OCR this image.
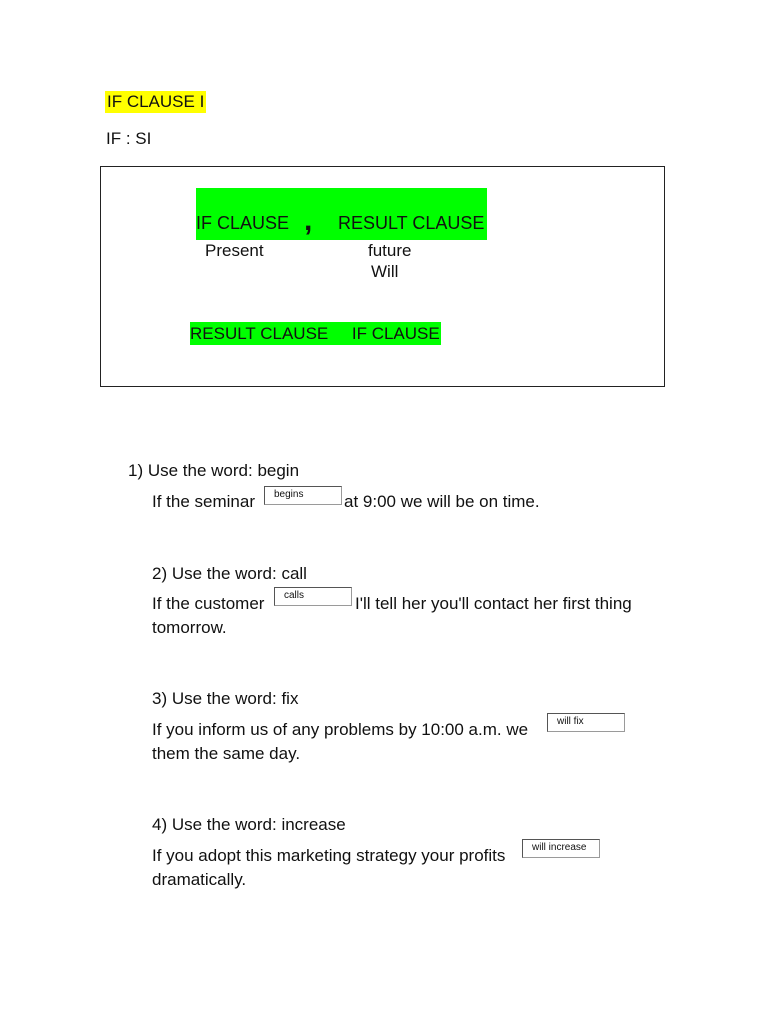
IF CLAUSE I
IF : SI
IF CLAUSE , RESULT CLAUSE
Present	future
Will
RESULT CLAUSE     IF CLAUSE
1) Use the word: begin
If the seminar	begins	at 9:00 we will be on time.
2) Use the word: call
If the customer	calls	I'll tell her you'll contact her first thing
tomorrow.
3) Use the word: fix
If you inform us of any problems by 10:00 a.m. we	will fix
them the same day.
4) Use the word: increase
If you adopt this marketing strategy your profits	will increase
dramatically.
